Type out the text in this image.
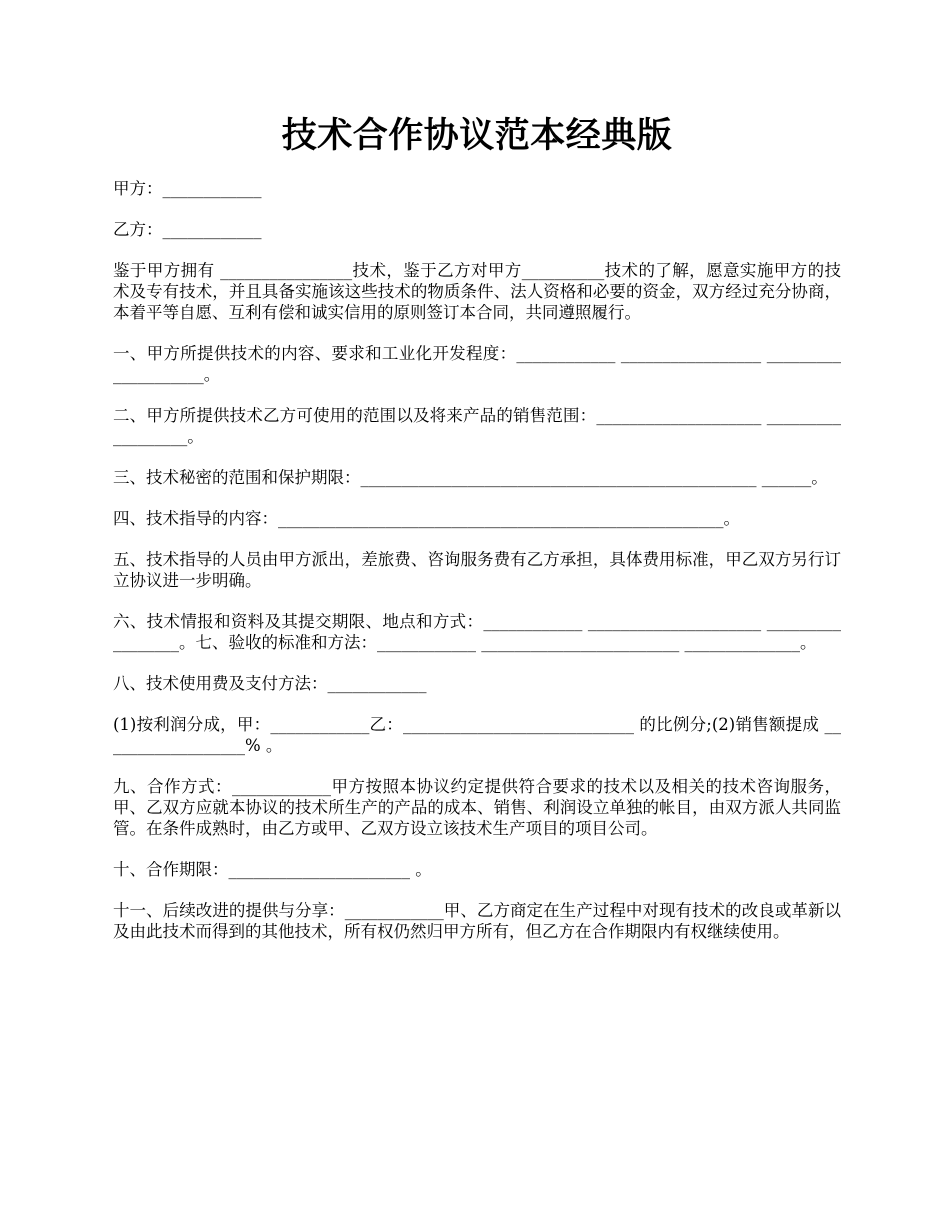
技术合作协议范本经典版

甲方：____________

乙方：____________

鉴于甲方拥有 ________________技术，鉴于乙方对甲方__________技术的了解，愿意实施甲方的技术及专有技术，并且具备实施该这些技术的物质条件、法人资格和必要的资金，双方经过充分协商，本着平等自愿、互利有偿和诚实信用的原则签订本合同，共同遵照履行。

一、甲方所提供技术的内容、要求和工业化开发程度：____________ _________________ ____________________。

二、甲方所提供技术乙方可使用的范围以及将来产品的销售范围：____________________ __________________。

三、技术秘密的范围和保护期限：________________________________________________ ______。

四、技术指导的内容：______________________________________________________。

五、技术指导的人员由甲方派出，差旅费、咨询服务费有乙方承担，具体费用标准，甲乙双方另行订立协议进一步明确。

六、技术情报和资料及其提交期限、地点和方式：____________ _____________________ _________________。七、验收的标准和方法：____________ ________________________ ______________。

八、技术使用费及支付方法：____________

(1)按利润分成，甲：____________乙：____________________________ 的比例分;(2)销售额提成 __________________% 。

九、合作方式：____________甲方按照本协议约定提供符合要求的技术以及相关的技术咨询服务，甲、乙双方应就本协议的技术所生产的产品的成本、销售、利润设立单独的帐目，由双方派人共同监管。在条件成熟时，由乙方或甲、乙双方设立该技术生产项目的项目公司。

十、合作期限：______________________ 。

十一、后续改进的提供与分享：____________甲、乙方商定在生产过程中对现有技术的改良或革新以及由此技术而得到的其他技术，所有权仍然归甲方所有，但乙方在合作期限内有权继续使用。
